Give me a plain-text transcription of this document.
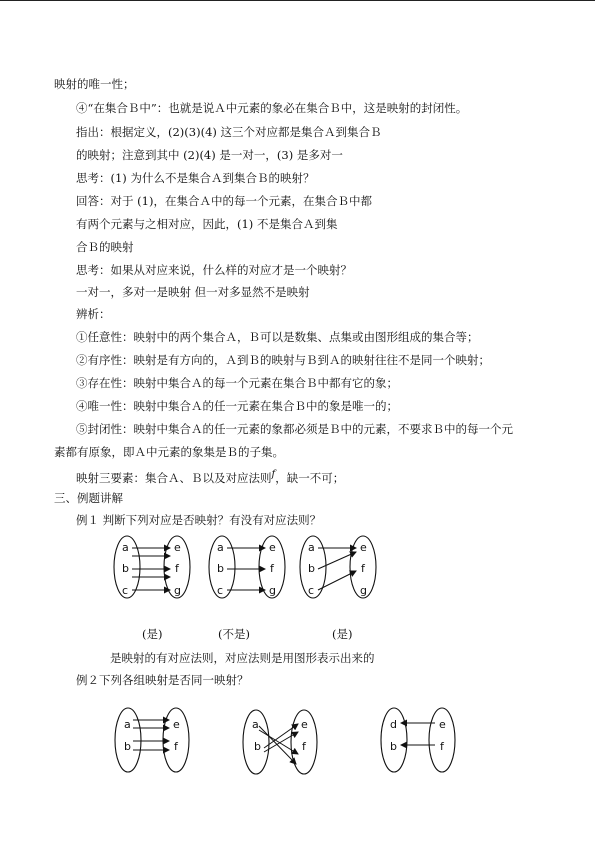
映射的唯一性；
④“在集合Ｂ中”：也就是说Ａ中元素的象必在集合Ｂ中，这是映射的封闭性。
指出：根据定义，(2)(3)(4) 这三个对应都是集合Ａ到集合Ｂ
的映射；注意到其中 (2)(4) 是一对一，(3) 是多对一
思考：(1) 为什么不是集合Ａ到集合Ｂ的映射？
回答：对于 (1)，在集合Ａ中的每一个元素，在集合Ｂ中都
有两个元素与之相对应，因此，(1) 不是集合Ａ到集
合Ｂ的映射
思考：如果从对应来说，什么样的对应才是一个映射？
一对一，多对一是映射 但一对多显然不是映射
辨析：
①任意性：映射中的两个集合Ａ，Ｂ可以是数集、点集或由图形组成的集合等；
②有序性：映射是有方向的，Ａ到Ｂ的映射与Ｂ到Ａ的映射往往不是同一个映射；
③存在性：映射中集合Ａ的每一个元素在集合Ｂ中都有它的象；
④唯一性：映射中集合Ａ的任一元素在集合Ｂ中的象是唯一的；
⑤封闭性：映射中集合Ａ的任一元素的象都必须是Ｂ中的元素，不要求Ｂ中的每一个元
素都有原象，即Ａ中元素的象集是Ｂ的子集。
映射三要素：集合Ａ、Ｂ以及对应法则f，缺一不可；
三、例题讲解
例１ 判断下列对应是否映射？有没有对应法则？
a
b
c
e
f
g
a
b
c
e
f
g
a
b
c
e
f
g
(是)	(不是)	(是)
是映射的有对应法则，对应法则是用图形表示出来的
例２下列各组映射是否同一映射？
a
b
e
f
a
b
e
f
d
b
e
f
